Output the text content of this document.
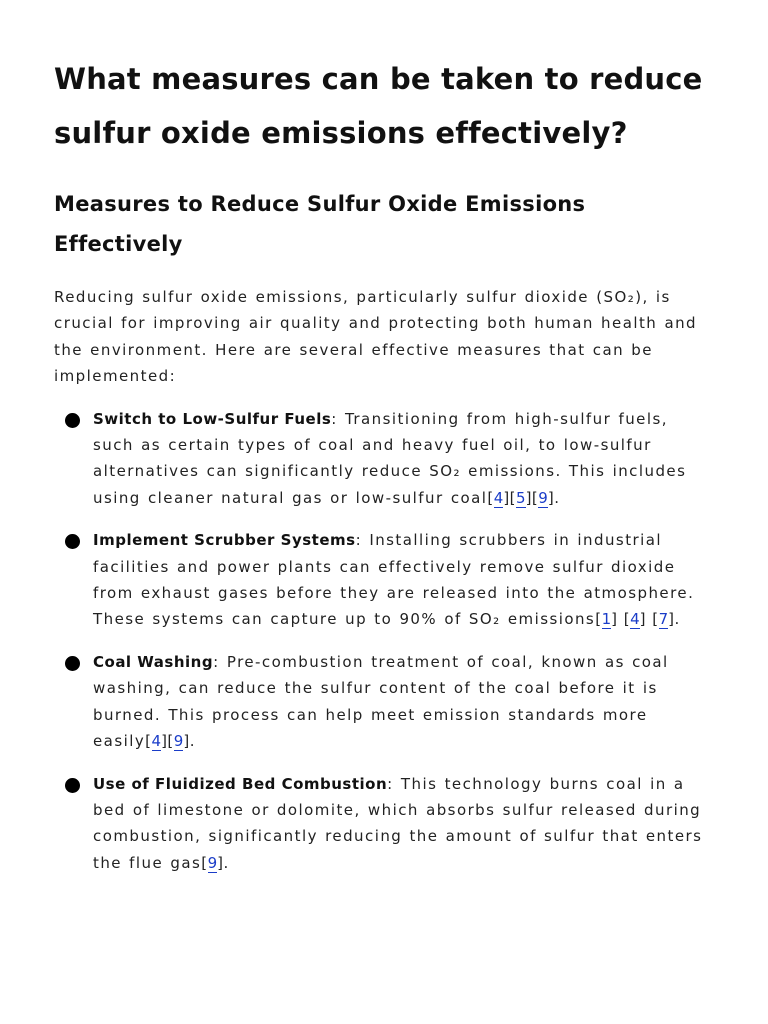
What measures can be taken to reduce sulfur oxide emissions effectively?
Measures to Reduce Sulfur Oxide Emissions Effectively

Reducing sulfur oxide emissions, particularly sulfur dioxide (SO₂), is crucial for improving air quality and protecting both human health and the environment. Here are several effective measures that can be implemented:

Switch to Low-Sulfur Fuels: Transitioning from high-sulfur fuels, such as certain types of coal and heavy fuel oil, to low-sulfur alternatives can significantly reduce SO₂ emissions. This includes using cleaner natural gas or low-sulfur coal[4][5][9].
Implement Scrubber Systems: Installing scrubbers in industrial facilities and power plants can effectively remove sulfur dioxide from exhaust gases before they are released into the atmosphere. These systems can capture up to 90% of SO₂ emissions[1] [4] [7].
Coal Washing: Pre-combustion treatment of coal, known as coal washing, can reduce the sulfur content of the coal before it is burned. This process can help meet emission standards more easily[4][9].
Use of Fluidized Bed Combustion: This technology burns coal in a bed of limestone or dolomite, which absorbs sulfur released during combustion, significantly reducing the amount of sulfur that enters the flue gas[9].
